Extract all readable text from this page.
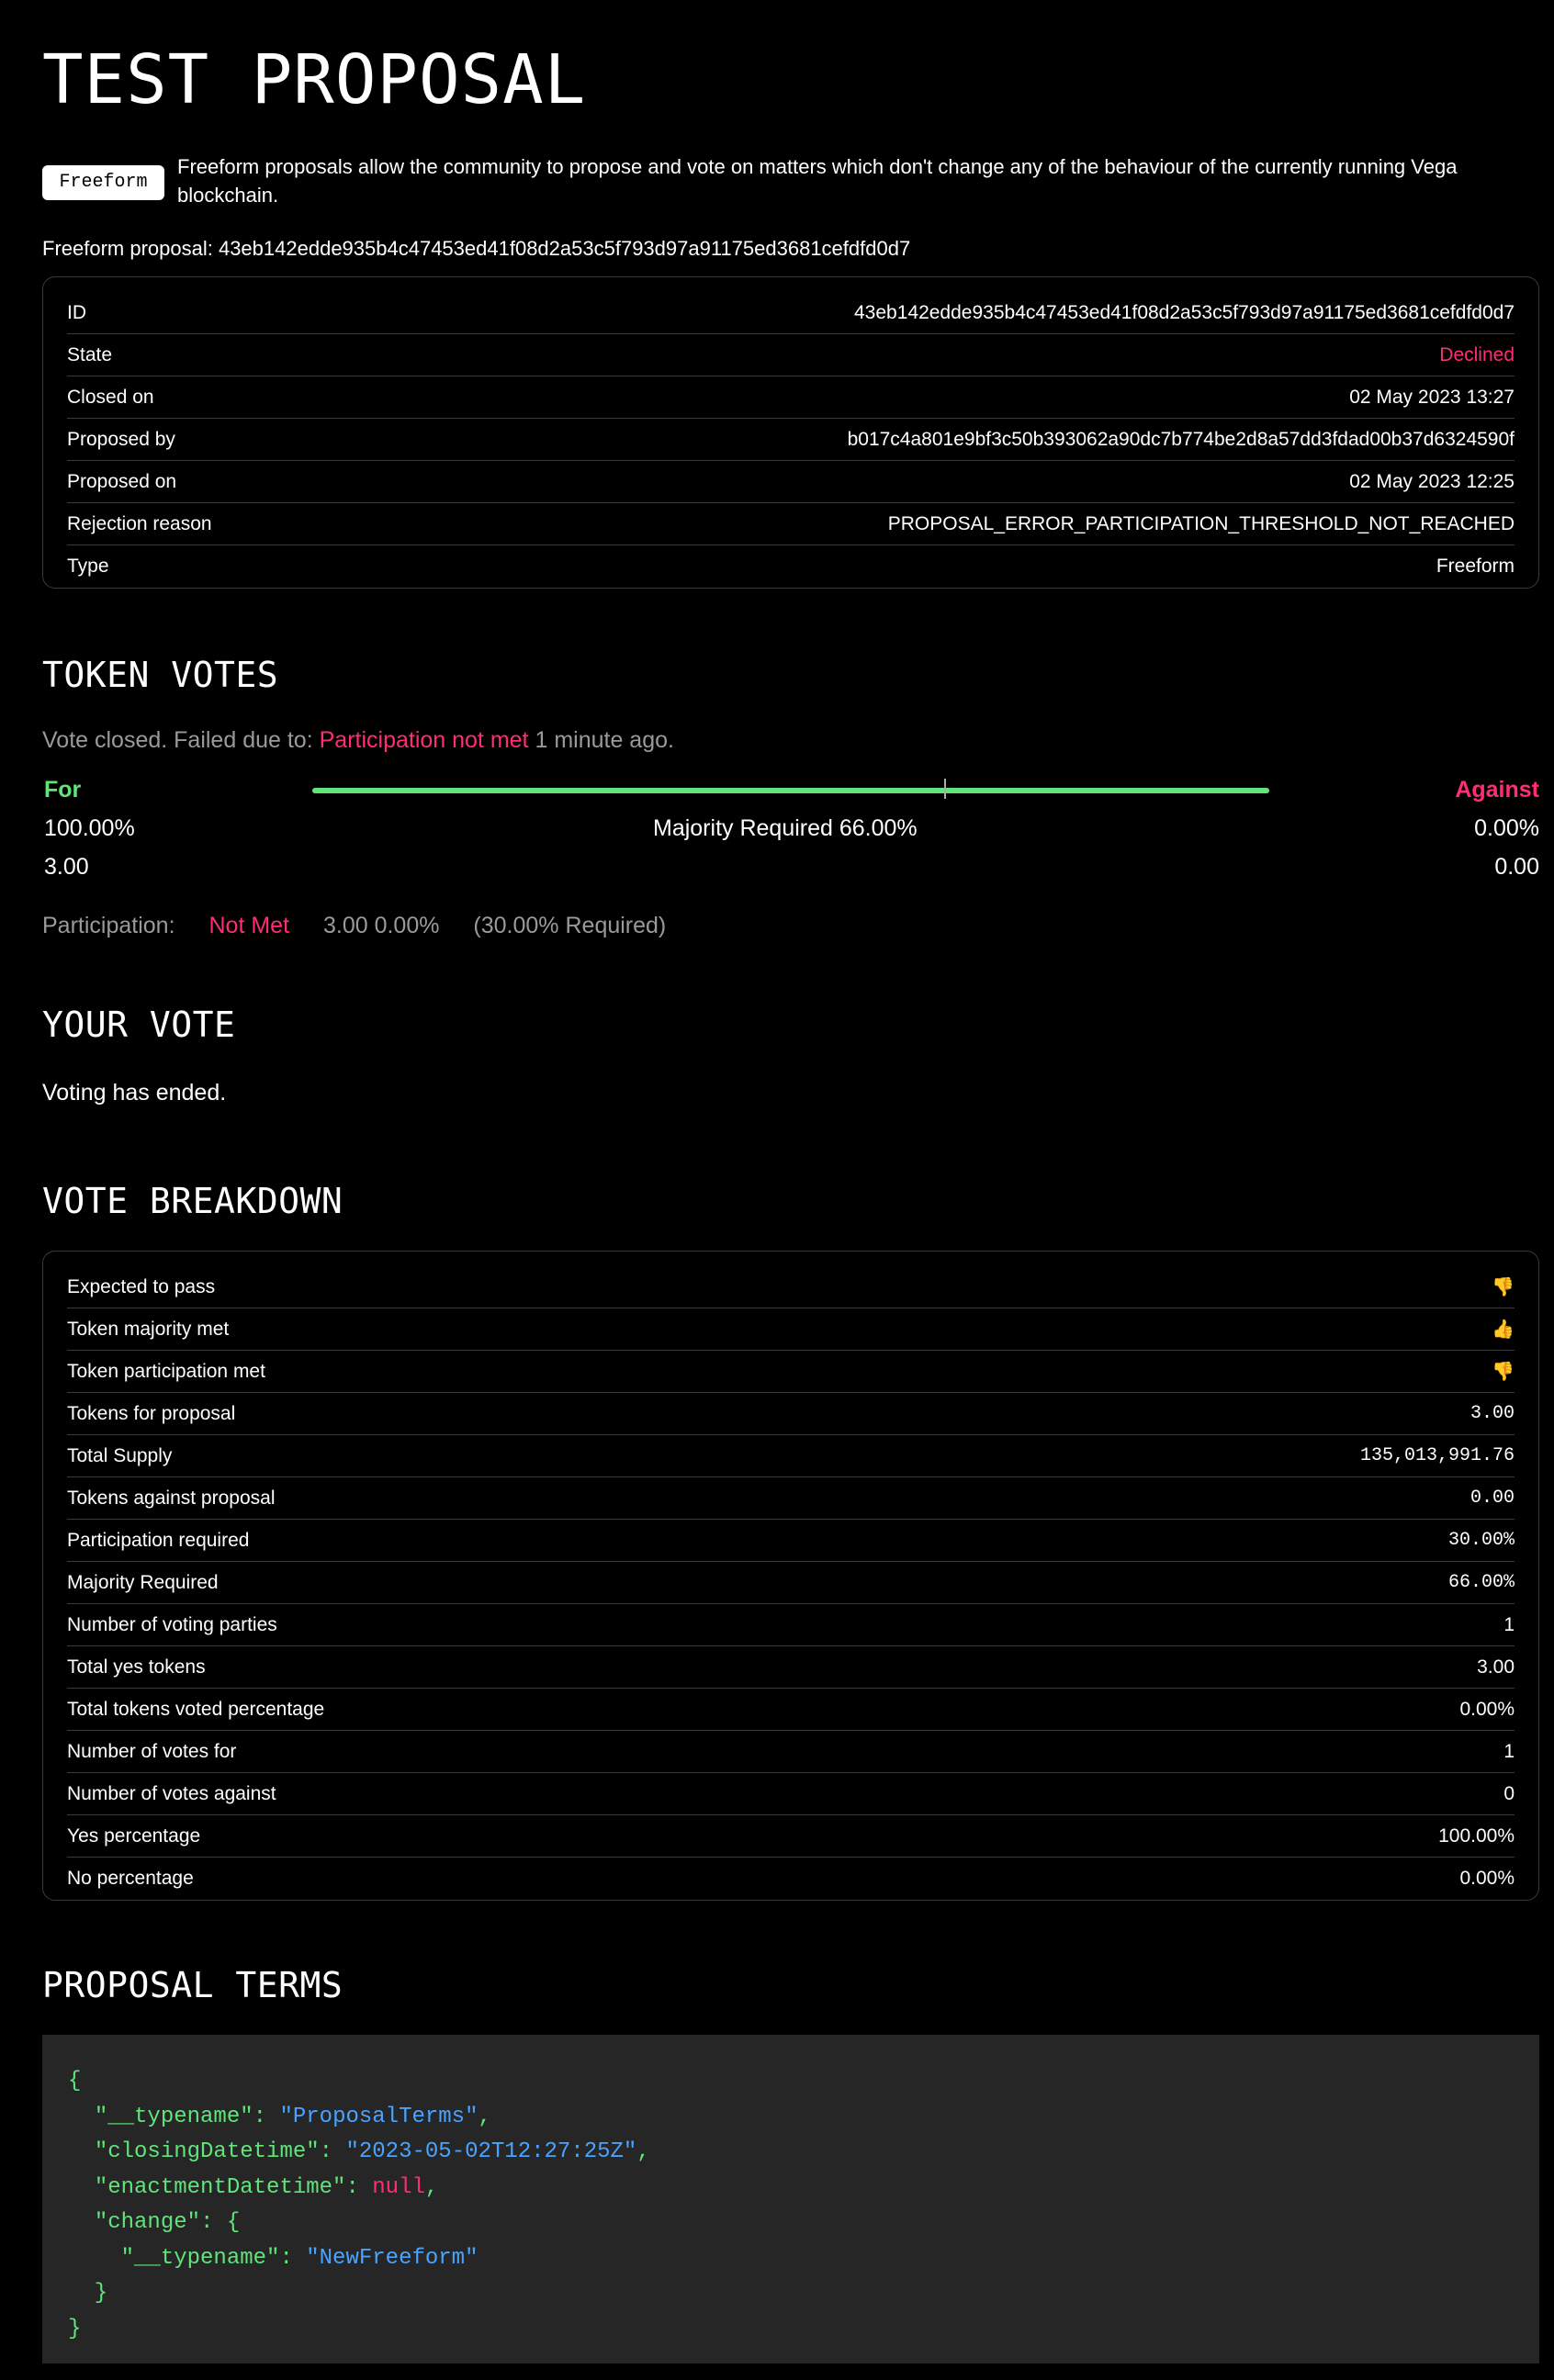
TEST PROPOSAL
Freeform

Freeform proposals allow the community to propose and vote on matters which don't change any of the behaviour of the currently running Vega blockchain.

Freeform proposal: 43eb142edde935b4c47453ed41f08d2a53c5f793d97a91175ed3681cefdfd0d7
ID	43eb142edde935b4c47453ed41f08d2a53c5f793d97a91175ed3681cefdfd0d7
State	Declined
Closed on	02 May 2023 13:27
Proposed by	b017c4a801e9bf3c50b393062a90dc7b774be2d8a57dd3fdad00b37d6324590f
Proposed on	02 May 2023 12:25
Rejection reason	PROPOSAL_ERROR_PARTICIPATION_THRESHOLD_NOT_REACHED
Type	Freeform
TOKEN VOTES
Vote closed. Failed due to: Participation not met 1 minute ago.
For	Against
100.00%	Majority Required 66.00%	0.00%
3.00	0.00
Participation: Not Met 3.00 0.00% (30.00% Required)
YOUR VOTE
Voting has ended.
VOTE BREAKDOWN
Expected to pass	👎
Token majority met	👍
Token participation met	👎
Tokens for proposal	3.00
Total Supply	135,013,991.76
Tokens against proposal	0.00
Participation required	30.00%
Majority Required	66.00%
Number of voting parties	1
Total yes tokens	3.00
Total tokens voted percentage	0.00%
Number of votes for	1
Number of votes against	0
Yes percentage	100.00%
No percentage	0.00%
PROPOSAL TERMS
{
"__typename": "ProposalTerms",
"closingDatetime": "2023-05-02T12:27:25Z",
"enactmentDatetime": null,
"change": {
"__typename": "NewFreeform"
}
}
